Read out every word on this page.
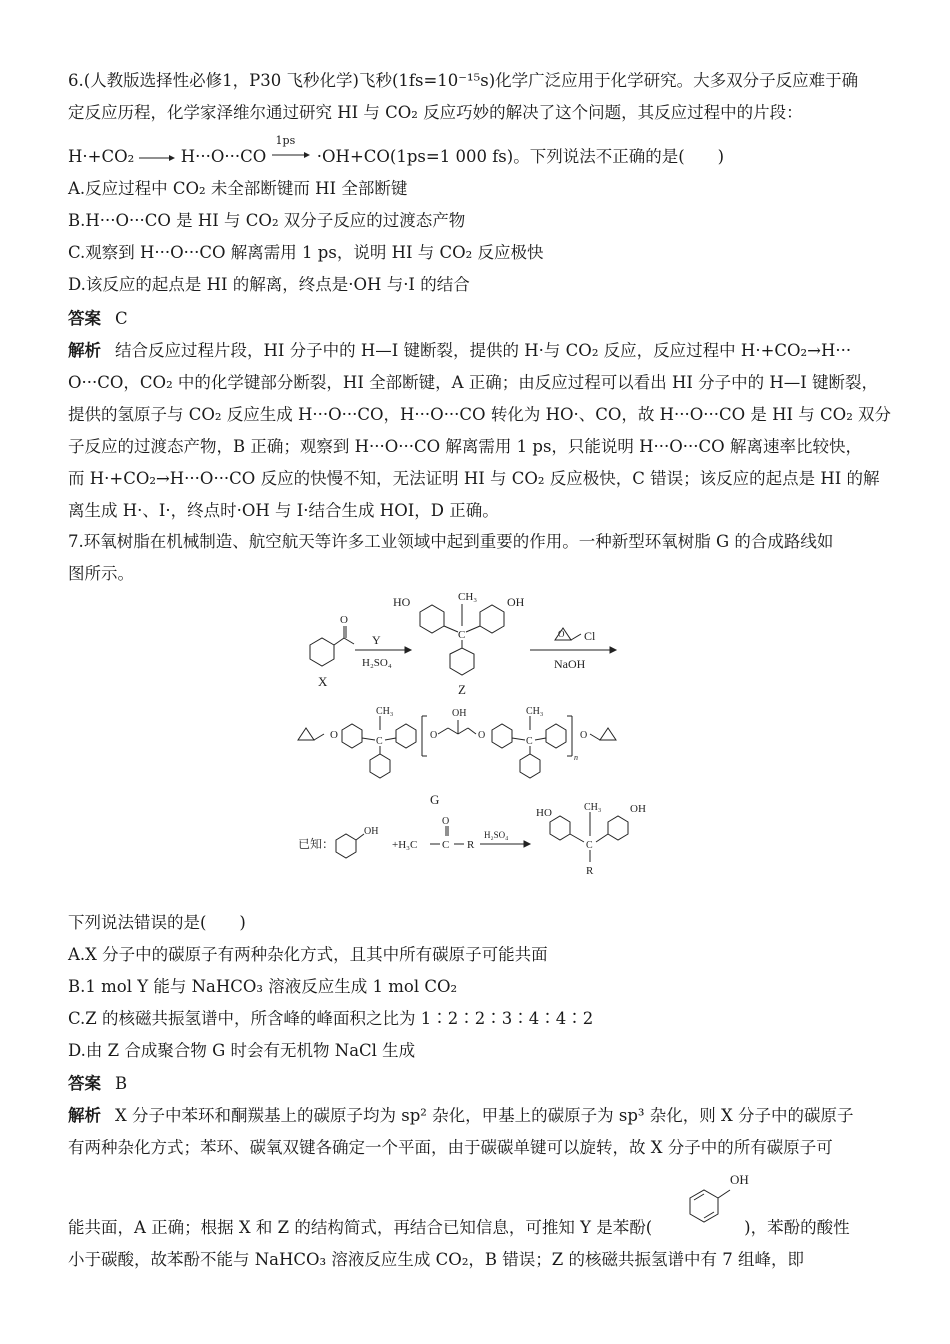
6.(人教版选择性必修1，P30 飞秒化学)飞秒(1fs=10⁻¹⁵s)化学广泛应用于化学研究。大多双分子反应难于确
定反应历程，化学家泽维尔通过研究 HI 与 CO₂ 反应巧妙的解决了这个问题，其反应过程中的片段：
H·+CO₂	H···O···CO
1ps
·OH+CO(1ps=1 000 fs)。下列说法不正确的是(　　)
A.反应过程中 CO₂ 未全部断键而 HI 全部断键
B.H···O···CO 是 HI 与 CO₂ 双分子反应的过渡态产物
C.观察到 H···O···CO 解离需用 1 ps，说明 HI 与 CO₂ 反应极快
D.该反应的起点是 HI 的解离，终点是·OH 与·I 的结合
答案 C
解析 结合反应过程片段，HI 分子中的 H—I 键断裂，提供的 H·与 CO₂ 反应，反应过程中 H·+CO₂→H···
O···CO，CO₂ 中的化学键部分断裂，HI 全部断键，A 正确；由反应过程可以看出 HI 分子中的 H—I 键断裂，
提供的氢原子与 CO₂ 反应生成 H···O···CO，H···O···CO 转化为 HO·、CO，故 H···O···CO 是 HI 与 CO₂ 双分
子反应的过渡态产物，B 正确；观察到 H···O···CO 解离需用 1 ps，只能说明 H···O···CO 解离速率比较快，
而 H·+CO₂→H···O···CO 反应的快慢不知，无法证明 HI 与 CO₂ 反应极快，C 错误；该反应的起点是 HI 的解
离生成 H·、I·，终点时·OH 与 I·结合生成 HOI，D 正确。
7.环氧树脂在机械制造、航空航天等许多工业领域中起到重要的作用。一种新型环氧树脂 G 的合成路线如
图所示。
O
X
Y
H₂SO₄
HO	CH₃
C
OH
Z
O Cl
NaOH
O
CH₃
C
O
OH
O
CH₃
C
n
O
G
已知：
OH
+H₃C C
O
R
H₂SO₄
HO	CH₃
C
OH
R
下列说法错误的是(　　)
A.X 分子中的碳原子有两种杂化方式，且其中所有碳原子可能共面
B.1 mol Y 能与 NaHCO₃ 溶液反应生成 1 mol CO₂
C.Z 的核磁共振氢谱中，所含峰的峰面积之比为 1∶2∶2∶3∶4∶4∶2
D.由 Z 合成聚合物 G 时会有无机物 NaCl 生成
答案 B
解析 X 分子中苯环和酮羰基上的碳原子均为 sp² 杂化，甲基上的碳原子为 sp³ 杂化，则 X 分子中的碳原子
有两种杂化方式；苯环、碳氧双键各确定一个平面，由于碳碳单键可以旋转，故 X 分子中的所有碳原子可
能共面，A 正确；根据 X 和 Z 的结构简式，再结合已知信息，可推知 Y 是苯酚(	)，苯酚的酸性
OH
小于碳酸，故苯酚不能与 NaHCO₃ 溶液反应生成 CO₂，B 错误；Z 的核磁共振氢谱中有 7 组峰，即
